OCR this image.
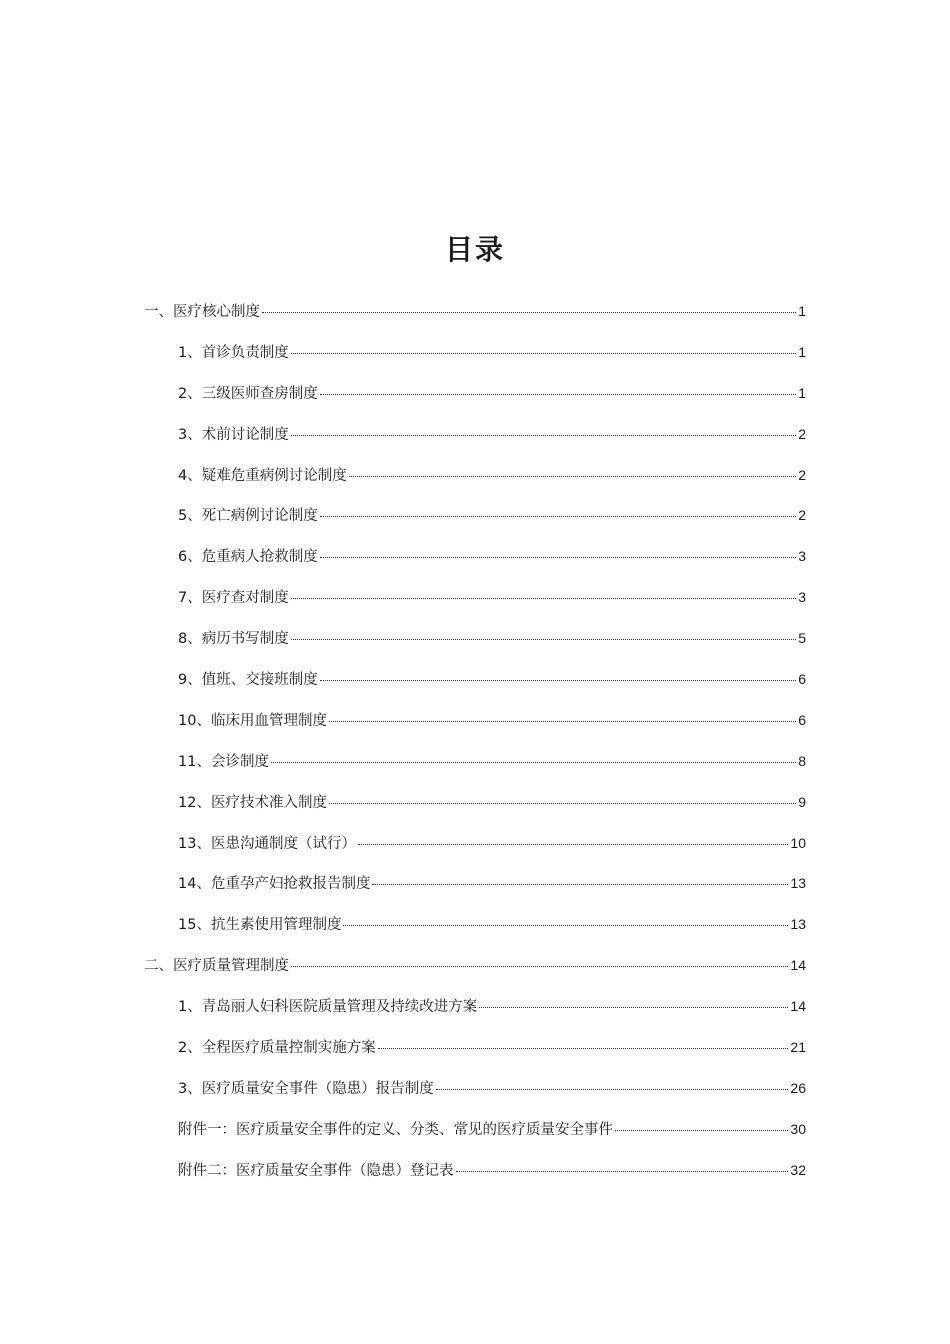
目录
一、医疗核心制度	1
1、首诊负责制度	1
2、三级医师查房制度	1
3、术前讨论制度	2
4、疑难危重病例讨论制度	2
5、死亡病例讨论制度	2
6、危重病人抢救制度	3
7、医疗查对制度	3
8、病历书写制度	5
9、值班、交接班制度	6
10、临床用血管理制度	6
11、会诊制度	8
12、医疗技术准入制度	9
13、医患沟通制度（试行）	10
14、危重孕产妇抢救报告制度	13
15、抗生素使用管理制度	13
二、医疗质量管理制度	14
1、青岛丽人妇科医院质量管理及持续改进方案	14
2、全程医疗质量控制实施方案	21
3、医疗质量安全事件（隐患）报告制度	26
附件一：医疗质量安全事件的定义、分类、常见的医疗质量安全事件	30
附件二：医疗质量安全事件（隐患）登记表	32
